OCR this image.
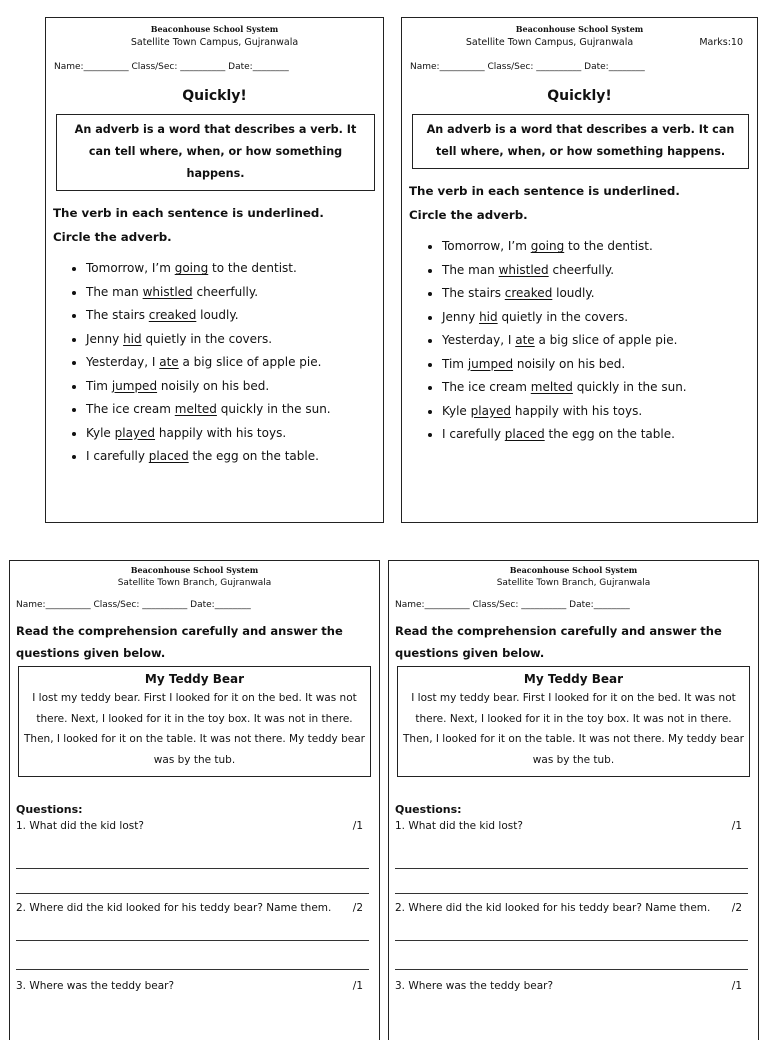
Beaconhouse School System
Satellite Town Campus, Gujranwala
Name:__________ Class/Sec: __________ Date:________
Quickly!
An adverb is a word that describes a verb. It can tell where, when, or how something happens.
The verb in each sentence is underlined. Circle the adverb.
• Tomorrow, I’m going to the dentist.
• The man whistled cheerfully.
• The stairs creaked loudly.
• Jenny hid quietly in the covers.
• Yesterday, I ate a big slice of apple pie.
• Tim jumped noisily on his bed.
• The ice cream melted quickly in the sun.
• Kyle played happily with his toys.
• I carefully placed the egg on the table.
Beaconhouse School System
Satellite Town Campus, Gujranwala	Marks:10
Name:__________ Class/Sec: __________ Date:________
Quickly!
An adverb is a word that describes a verb. It can tell where, when, or how something happens.
The verb in each sentence is underlined. Circle the adverb.
• Tomorrow, I’m going to the dentist.
• The man whistled cheerfully.
• The stairs creaked loudly.
• Jenny hid quietly in the covers.
• Yesterday, I ate a big slice of apple pie.
• Tim jumped noisily on his bed.
• The ice cream melted quickly in the sun.
• Kyle played happily with his toys.
• I carefully placed the egg on the table.
Beaconhouse School System
Satellite Town Branch, Gujranwala
Name:__________ Class/Sec: __________ Date:________
Read the comprehension carefully and answer the questions given below.
My Teddy Bear
I lost my teddy bear. First I looked for it on the bed. It was not there. Next, I looked for it in the toy box. It was not in there. Then, I looked for it on the table. It was not there. My teddy bear was by the tub.
Questions:
1. What did the kid lost?	/1
2. Where did the kid looked for his teddy bear? Name them. /2
3. Where was the teddy bear?	/1
Beaconhouse School System
Satellite Town Branch, Gujranwala
Name:__________ Class/Sec: __________ Date:________
Read the comprehension carefully and answer the questions given below.
My Teddy Bear
I lost my teddy bear. First I looked for it on the bed. It was not there. Next, I looked for it in the toy box. It was not in there. Then, I looked for it on the table. It was not there. My teddy bear was by the tub.
Questions:
1. What did the kid lost?	/1
2. Where did the kid looked for his teddy bear? Name them. /2
3. Where was the teddy bear?	/1
